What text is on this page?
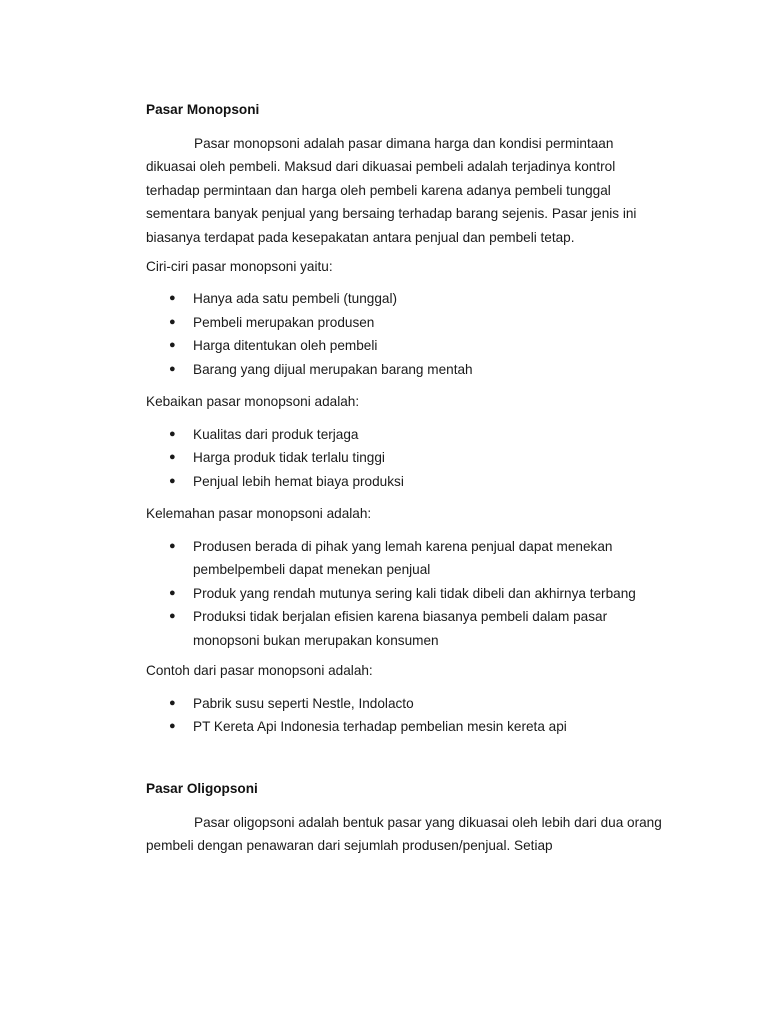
Pasar Monopsoni

Pasar monopsoni adalah pasar dimana harga dan kondisi permintaan dikuasai oleh pembeli. Maksud dari dikuasai pembeli adalah terjadinya kontrol terhadap permintaan dan harga oleh pembeli karena adanya pembeli tunggal sementara banyak penjual yang bersaing terhadap barang sejenis. Pasar jenis ini biasanya terdapat pada kesepakatan antara penjual dan pembeli tetap.

Ciri-ciri pasar monopsoni yaitu:

● Hanya ada satu pembeli (tunggal)
● Pembeli merupakan produsen
● Harga ditentukan oleh pembeli
● Barang yang dijual merupakan barang mentah

Kebaikan pasar monopsoni adalah:

● Kualitas dari produk terjaga
● Harga produk tidak terlalu tinggi
● Penjual lebih hemat biaya produksi

Kelemahan pasar monopsoni adalah:

● Produsen berada di pihak yang lemah karena penjual dapat menekan pembelpembeli dapat menekan penjual
● Produk yang rendah mutunya sering kali tidak dibeli dan akhirnya terbang
● Produksi tidak berjalan efisien karena biasanya pembeli dalam pasar monopsoni bukan merupakan konsumen

Contoh dari pasar monopsoni adalah:

● Pabrik susu seperti Nestle, Indolacto
● PT Kereta Api Indonesia terhadap pembelian mesin kereta api

Pasar Oligopsoni

Pasar oligopsoni adalah bentuk pasar yang dikuasai oleh lebih dari dua orang pembeli dengan penawaran dari sejumlah produsen/penjual. Setiap
